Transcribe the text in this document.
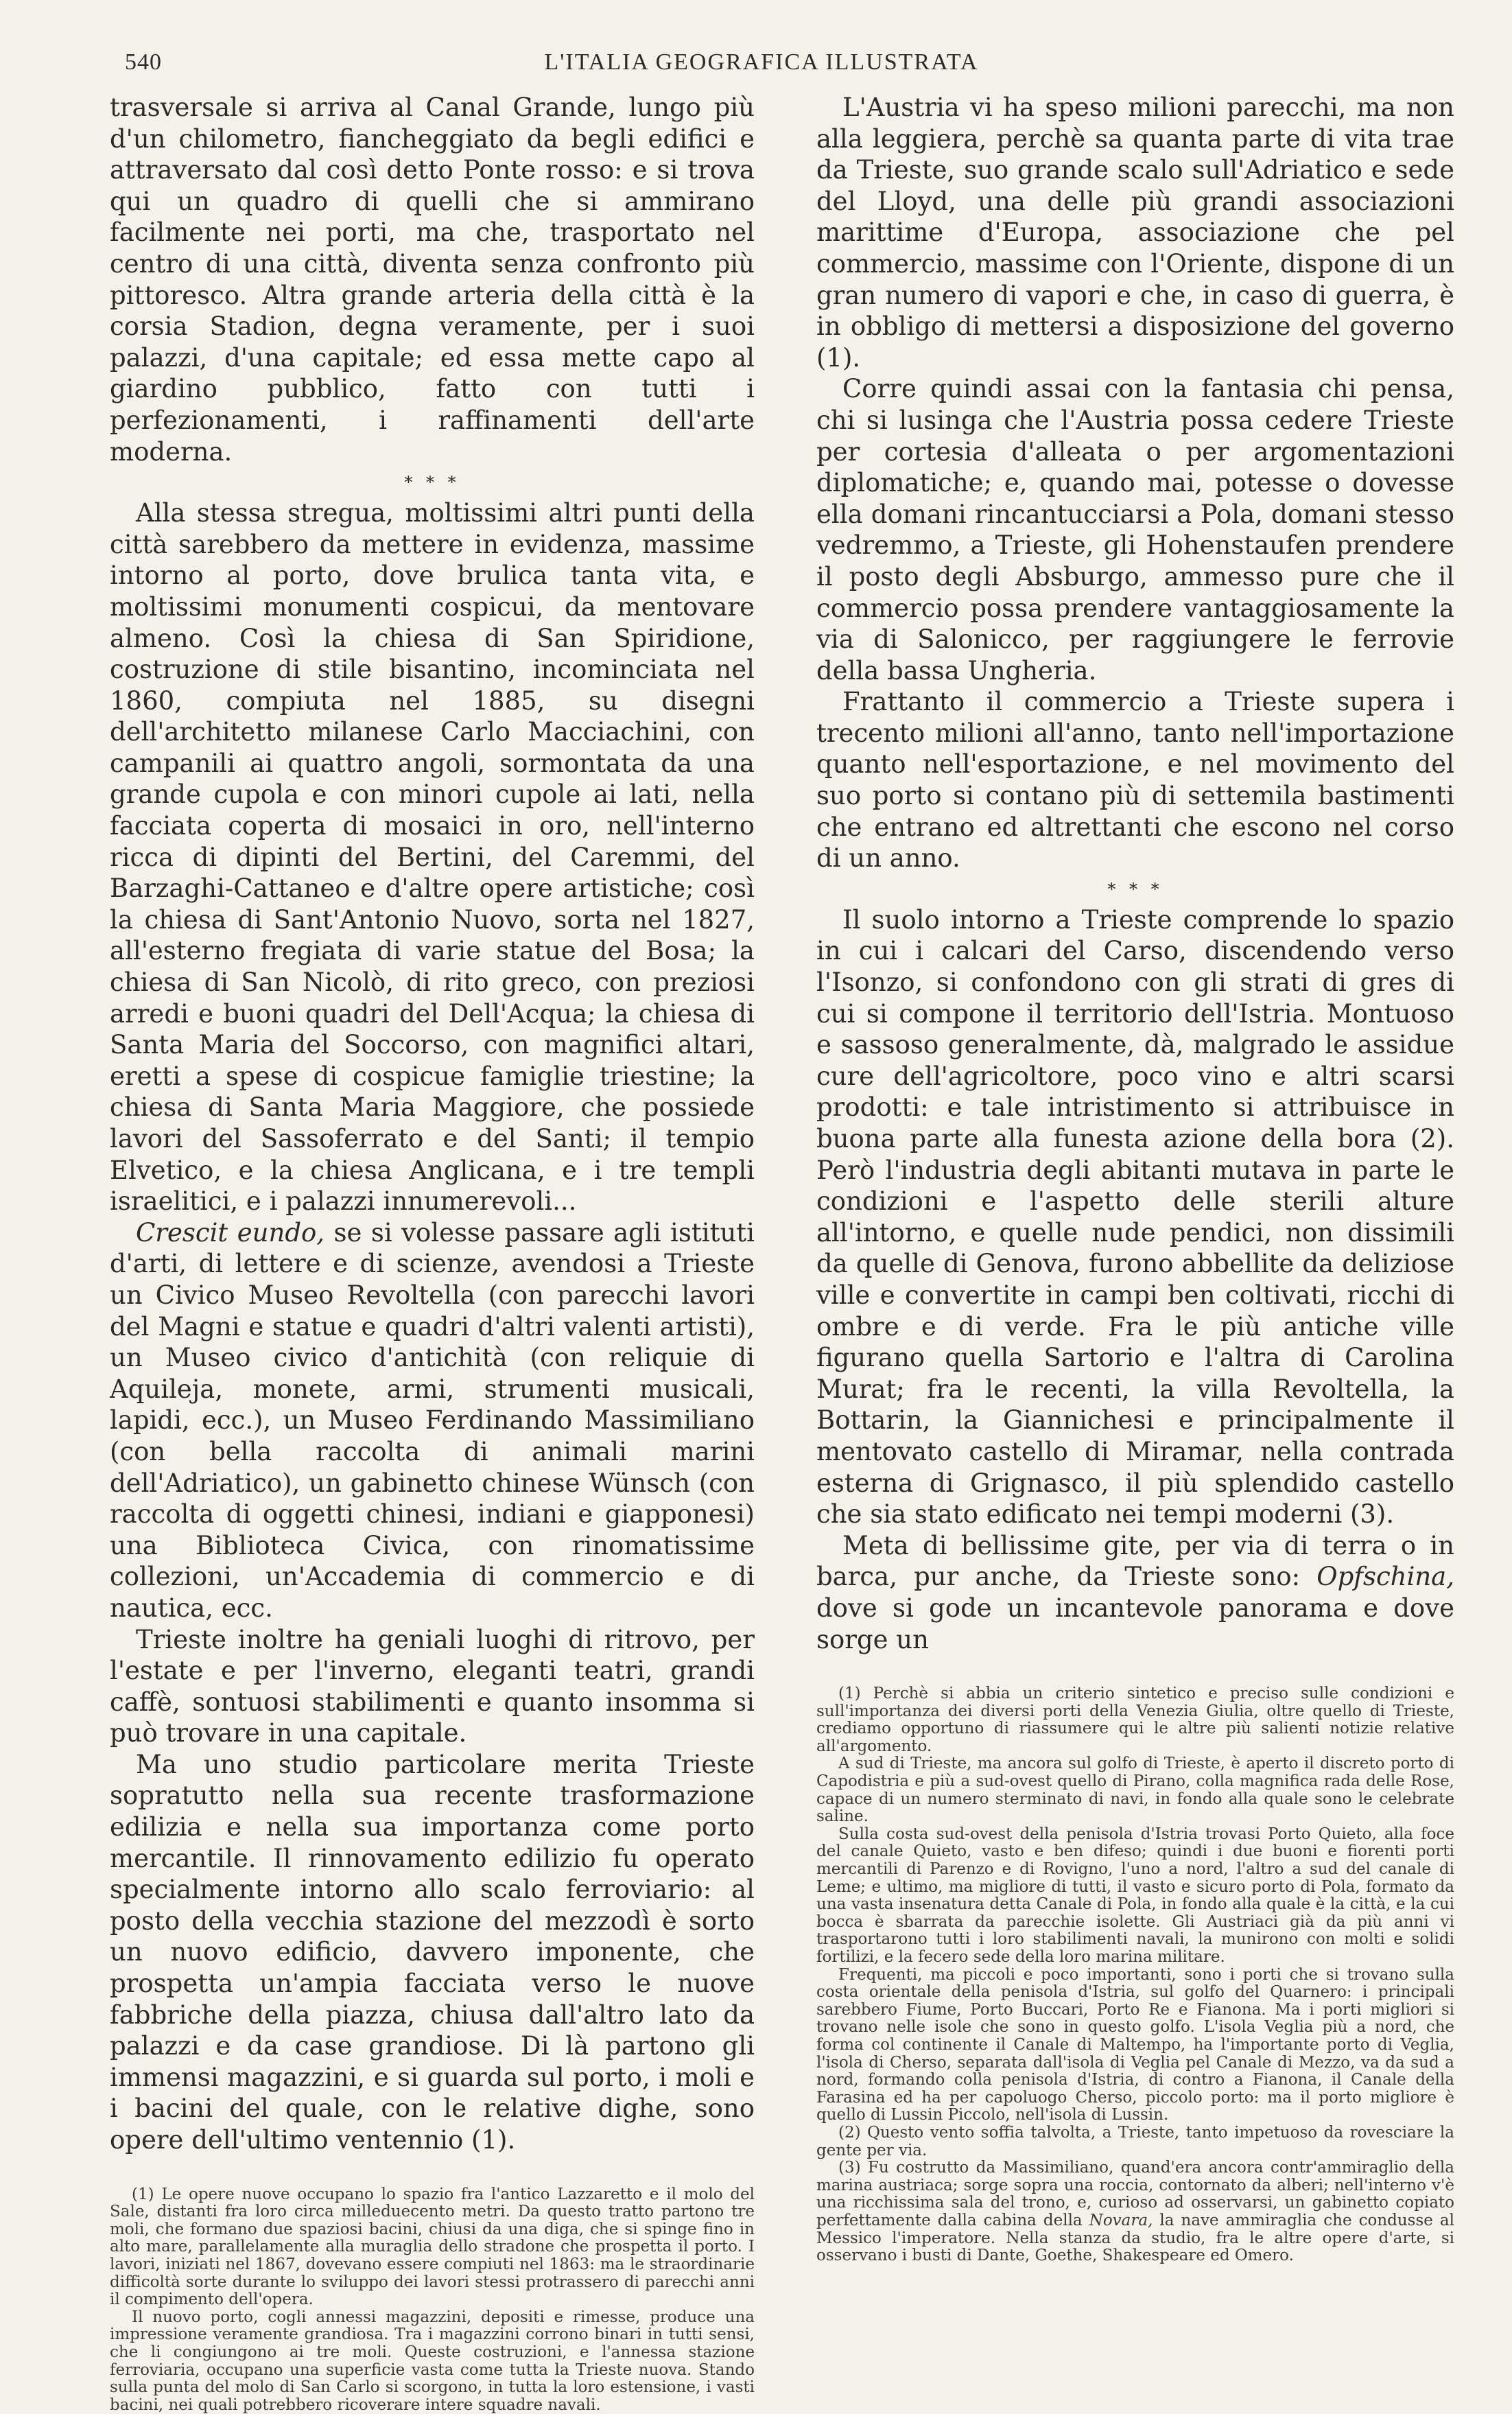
540	L'ITALIA GEOGRAFICA ILLUSTRATA

trasversale si arriva al Canal Grande, lungo più d'un chilometro, fiancheggiato da begli edifici e attraversato dal così detto Ponte rosso: e si trova qui un quadro di quelli che si ammirano facilmente nei porti, ma che, trasportato nel centro di una città, diventa senza confronto più pittoresco. Altra grande arteria della città è la corsia Stadion, degna veramente, per i suoi palazzi, d'una capitale; ed essa mette capo al giardino pubblico, fatto con tutti i perfezionamenti, i raffinamenti dell'arte moderna.

* * *

Alla stessa stregua, moltissimi altri punti della città sarebbero da mettere in evidenza, massime intorno al porto, dove brulica tanta vita, e moltissimi monumenti cospicui, da mentovare almeno. Così la chiesa di San Spiridione, costruzione di stile bisantino, incominciata nel 1860, compiuta nel 1885, su disegni dell'architetto milanese Carlo Macciachini, con campanili ai quattro angoli, sormontata da una grande cupola e con minori cupole ai lati, nella facciata coperta di mosaici in oro, nell'interno ricca di dipinti del Bertini, del Caremmi, del Barzaghi-Cattaneo e d'altre opere artistiche; così la chiesa di Sant'Antonio Nuovo, sorta nel 1827, all'esterno fregiata di varie statue del Bosa; la chiesa di San Nicolò, di rito greco, con preziosi arredi e buoni quadri del Dell'Acqua; la chiesa di Santa Maria del Soccorso, con magnifici altari, eretti a spese di cospicue famiglie triestine; la chiesa di Santa Maria Maggiore, che possiede lavori del Sassoferrato e del Santi; il tempio Elvetico, e la chiesa Anglicana, e i tre templi israelitici, e i palazzi innumerevoli...

Crescit eundo, se si volesse passare agli istituti d'arti, di lettere e di scienze, avendosi a Trieste un Civico Museo Revoltella (con parecchi lavori del Magni e statue e quadri d'altri valenti artisti), un Museo civico d'antichità (con reliquie di Aquileja, monete, armi, strumenti musicali, lapidi, ecc.), un Museo Ferdinando Massimiliano (con bella raccolta di animali marini dell'Adriatico), un gabinetto chinese Wünsch (con raccolta di oggetti chinesi, indiani e giapponesi) una Biblioteca Civica, con rinomatissime collezioni, un'Accademia di commercio e di nautica, ecc.

Trieste inoltre ha geniali luoghi di ritrovo, per l'estate e per l'inverno, eleganti teatri, grandi caffè, sontuosi stabilimenti e quanto insomma si può trovare in una capitale.

Ma uno studio particolare merita Trieste sopratutto nella sua recente trasformazione edilizia e nella sua importanza come porto mercantile. Il rinnovamento edilizio fu operato specialmente intorno allo scalo ferroviario: al posto della vecchia stazione del mezzodì è sorto un nuovo edificio, davvero imponente, che prospetta un'ampia facciata verso le nuove fabbriche della piazza, chiusa dall'altro lato da palazzi e da case grandiose. Di là partono gli immensi magazzini, e si guarda sul porto, i moli e i bacini del quale, con le relative dighe, sono opere dell'ultimo ventennio (1).

(1) Le opere nuove occupano lo spazio fra l'antico Lazzaretto e il molo del Sale, distanti fra loro circa milleduecento metri. Da questo tratto partono tre moli, che formano due spaziosi bacini, chiusi da una diga, che si spinge fino in alto mare, parallelamente alla muraglia dello stradone che prospetta il porto. I lavori, iniziati nel 1867, dovevano essere compiuti nel 1863: ma le straordinarie difficoltà sorte durante lo sviluppo dei lavori stessi protrassero di parecchi anni il compimento dell'opera.

Il nuovo porto, cogli annessi magazzini, depositi e rimesse, produce una impressione veramente grandiosa. Tra i magazzini corrono binari in tutti sensi, che li congiungono ai tre moli. Queste costruzioni, e l'annessa stazione ferroviaria, occupano una superficie vasta come tutta la Trieste nuova. Stando sulla punta del molo di San Carlo si scorgono, in tutta la loro estensione, i vasti bacini, nei quali potrebbero ricoverare intere squadre navali.

L'Austria vi ha speso milioni parecchi, ma non alla leggiera, perchè sa quanta parte di vita trae da Trieste, suo grande scalo sull'Adriatico e sede del Lloyd, una delle più grandi associazioni marittime d'Europa, associazione che pel commercio, massime con l'Oriente, dispone di un gran numero di vapori e che, in caso di guerra, è in obbligo di mettersi a disposizione del governo (1).

Corre quindi assai con la fantasia chi pensa, chi si lusinga che l'Austria possa cedere Trieste per cortesia d'alleata o per argomentazioni diplomatiche; e, quando mai, potesse o dovesse ella domani rincantucciarsi a Pola, domani stesso vedremmo, a Trieste, gli Hohenstaufen prendere il posto degli Absburgo, ammesso pure che il commercio possa prendere vantaggiosamente la via di Salonicco, per raggiungere le ferrovie della bassa Ungheria.

Frattanto il commercio a Trieste supera i trecento milioni all'anno, tanto nell'importazione quanto nell'esportazione, e nel movimento del suo porto si contano più di settemila bastimenti che entrano ed altrettanti che escono nel corso di un anno.

* * *

Il suolo intorno a Trieste comprende lo spazio in cui i calcari del Carso, discendendo verso l'Isonzo, si confondono con gli strati di gres di cui si compone il territorio dell'Istria. Montuoso e sassoso generalmente, dà, malgrado le assidue cure dell'agricoltore, poco vino e altri scarsi prodotti: e tale intristimento si attribuisce in buona parte alla funesta azione della bora (2). Però l'industria degli abitanti mutava in parte le condizioni e l'aspetto delle sterili alture all'intorno, e quelle nude pendici, non dissimili da quelle di Genova, furono abbellite da deliziose ville e convertite in campi ben coltivati, ricchi di ombre e di verde. Fra le più antiche ville figurano quella Sartorio e l'altra di Carolina Murat; fra le recenti, la villa Revoltella, la Bottarin, la Giannichesi e principalmente il mentovato castello di Miramar, nella contrada esterna di Grignasco, il più splendido castello che sia stato edificato nei tempi moderni (3).

Meta di bellissime gite, per via di terra o in barca, pur anche, da Trieste sono: Opfschina, dove si gode un incantevole panorama e dove sorge un

(1) Perchè si abbia un criterio sintetico e preciso sulle condizioni e sull'importanza dei diversi porti della Venezia Giulia, oltre quello di Trieste, crediamo opportuno di riassumere qui le altre più salienti notizie relative all'argomento.

A sud di Trieste, ma ancora sul golfo di Trieste, è aperto il discreto porto di Capodistria e più a sud-ovest quello di Pirano, colla magnifica rada delle Rose, capace di un numero sterminato di navi, in fondo alla quale sono le celebrate saline.

Sulla costa sud-ovest della penisola d'Istria trovasi Porto Quieto, alla foce del canale Quieto, vasto e ben difeso; quindi i due buoni e fiorenti porti mercantili di Parenzo e di Rovigno, l'uno a nord, l'altro a sud del canale di Leme; e ultimo, ma migliore di tutti, il vasto e sicuro porto di Pola, formato da una vasta insenatura detta Canale di Pola, in fondo alla quale è la città, e la cui bocca è sbarrata da parecchie isolette. Gli Austriaci già da più anni vi trasportarono tutti i loro stabilimenti navali, la munirono con molti e solidi fortilizi, e la fecero sede della loro marina militare.

Frequenti, ma piccoli e poco importanti, sono i porti che si trovano sulla costa orientale della penisola d'Istria, sul golfo del Quarnero: i principali sarebbero Fiume, Porto Buccari, Porto Re e Fianona. Ma i porti migliori si trovano nelle isole che sono in questo golfo. L'isola Veglia più a nord, che forma col continente il Canale di Maltempo, ha l'importante porto di Veglia, l'isola di Cherso, separata dall'isola di Veglia pel Canale di Mezzo, va da sud a nord, formando colla penisola d'Istria, di contro a Fianona, il Canale della Farasina ed ha per capoluogo Cherso, piccolo porto: ma il porto migliore è quello di Lussin Piccolo, nell'isola di Lussin.

(2) Questo vento soffia talvolta, a Trieste, tanto impetuoso da rovesciare la gente per via.

(3) Fu costrutto da Massimiliano, quand'era ancora contr'ammiraglio della marina austriaca; sorge sopra una roccia, contornato da alberi; nell'interno v'è una ricchissima sala del trono, e, curioso ad osservarsi, un gabinetto copiato perfettamente dalla cabina della Novara, la nave ammiraglia che condusse al Messico l'imperatore. Nella stanza da studio, fra le altre opere d'arte, si osservano i busti di Dante, Goethe, Shakespeare ed Omero.
